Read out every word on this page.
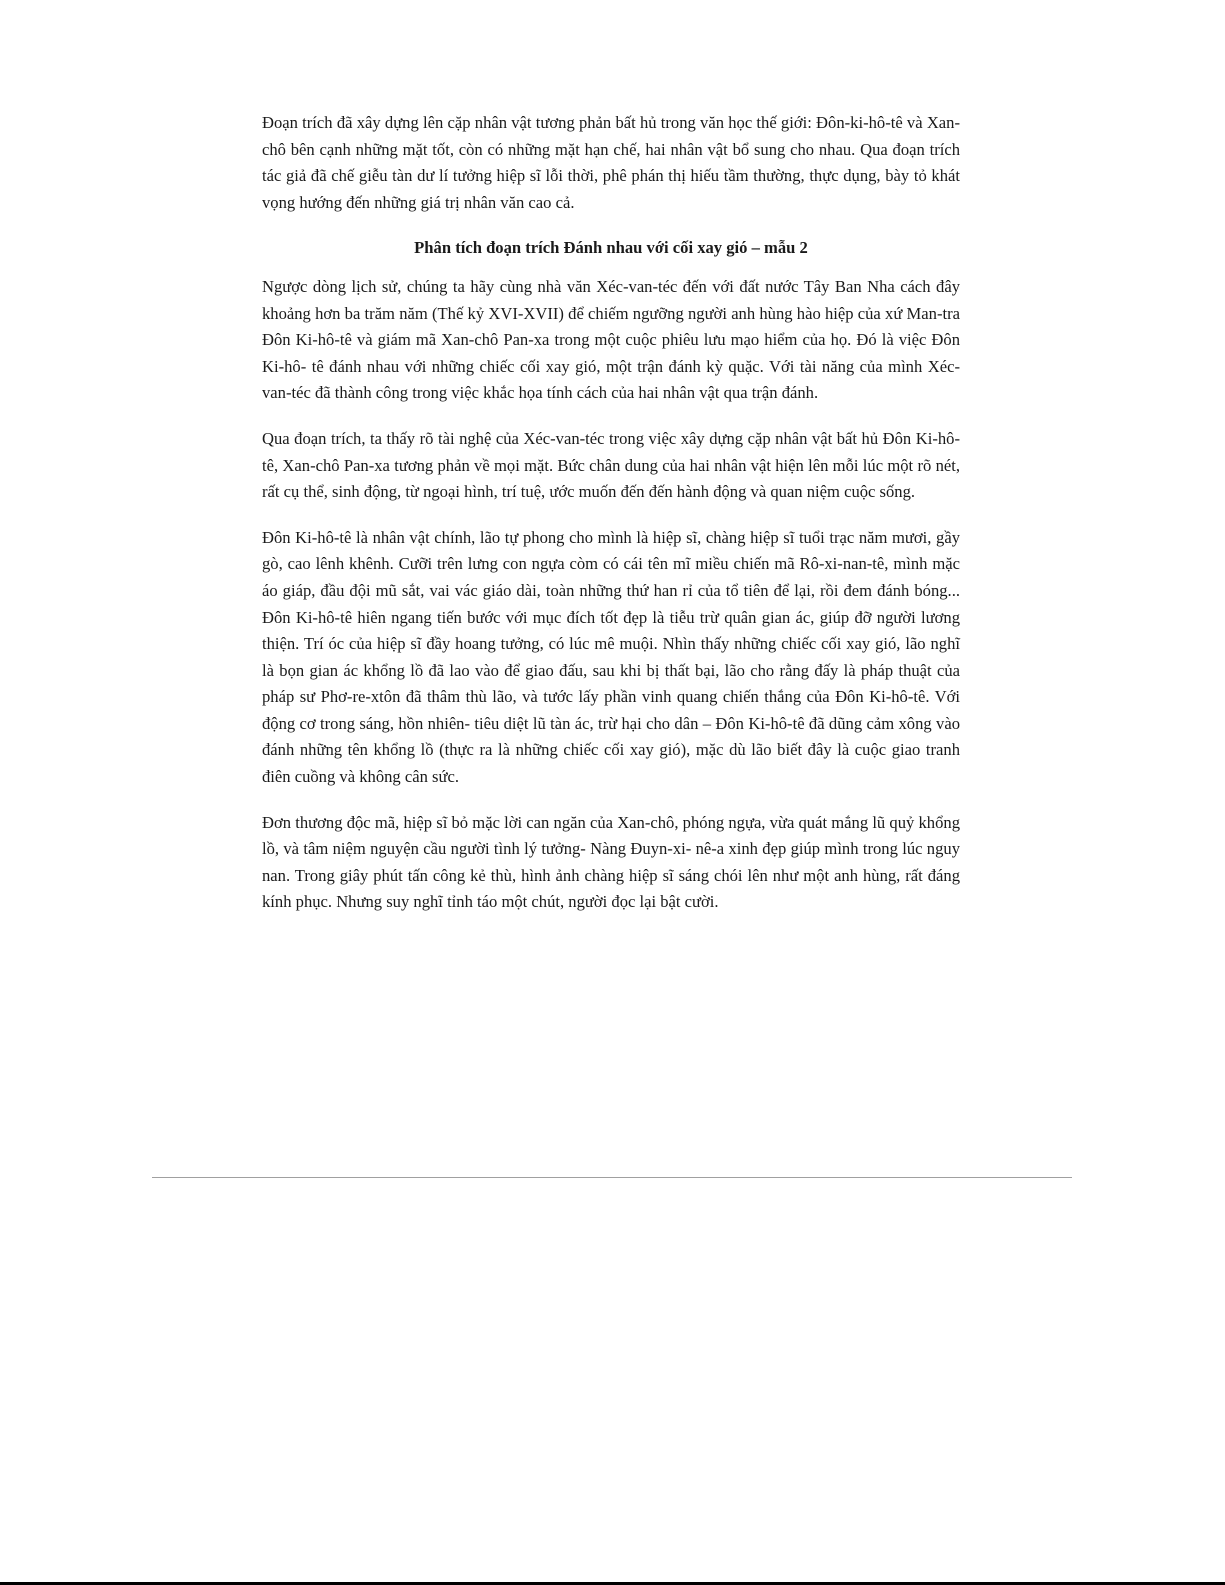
Đoạn trích đã xây dựng lên cặp nhân vật tương phản bất hủ trong văn học thế giới: Đôn-ki-hô-tê và Xan-chô bên cạnh những mặt tốt, còn có những mặt hạn chế, hai nhân vật bổ sung cho nhau. Qua đoạn trích tác giả đã chế giễu tàn dư lí tưởng hiệp sĩ lỗi thời, phê phán thị hiếu tầm thường, thực dụng, bày tỏ khát vọng hướng đến những giá trị nhân văn cao cả.

Phân tích đoạn trích Đánh nhau với cối xay gió – mẫu 2

Ngược dòng lịch sử, chúng ta hãy cùng nhà văn Xéc-van-téc đến với đất nước Tây Ban Nha cách đây khoảng hơn ba trăm năm (Thế kỷ XVI-XVII) để chiếm ngưỡng người anh hùng hào hiệp của xứ Man-tra Đôn Ki-hô-tê và giám mã Xan-chô Pan-xa trong một cuộc phiêu lưu mạo hiểm của họ. Đó là việc Đôn Ki-hô- tê đánh nhau với những chiếc cối xay gió, một trận đánh kỳ quặc. Với tài năng của mình Xéc-van-téc đã thành công trong việc khắc họa tính cách của hai nhân vật qua trận đánh.

Qua đoạn trích, ta thấy rõ tài nghệ của Xéc-van-téc trong việc xây dựng cặp nhân vật bất hủ Đôn Ki-hô-tê, Xan-chô Pan-xa tương phản về mọi mặt. Bức chân dung của hai nhân vật hiện lên mỗi lúc một rõ nét, rất cụ thể, sinh động, từ ngoại hình, trí tuệ, ước muốn đến đến hành động và quan niệm cuộc sống.

Đôn Ki-hô-tê là nhân vật chính, lão tự phong cho mình là hiệp sĩ, chàng hiệp sĩ tuổi trạc năm mươi, gầy gò, cao lênh khênh. Cưỡi trên lưng con ngựa còm có cái tên mĩ miều chiến mã Rô-xi-nan-tê, mình mặc áo giáp, đầu đội mũ sắt, vai vác giáo dài, toàn những thứ han rỉ của tổ tiên để lại, rồi đem đánh bóng... Đôn Ki-hô-tê hiên ngang tiến bước với mục đích tốt đẹp là tiễu trừ quân gian ác, giúp đỡ người lương thiện. Trí óc của hiệp sĩ đầy hoang tưởng, có lúc mê muội. Nhìn thấy những chiếc cối xay gió, lão nghĩ là bọn gian ác khổng lồ đã lao vào để giao đấu, sau khi bị thất bại, lão cho rằng đấy là pháp thuật của pháp sư Phơ-re-xtôn đã thâm thù lão, và tước lấy phần vinh quang chiến thắng của Đôn Ki-hô-tê. Với động cơ trong sáng, hồn nhiên- tiêu diệt lũ tàn ác, trừ hại cho dân – Đôn Ki-hô-tê đã dũng cảm xông vào đánh những tên khổng lồ (thực ra là những chiếc cối xay gió), mặc dù lão biết đây là cuộc giao tranh điên cuồng và không cân sức.

Đơn thương độc mã, hiệp sĩ bỏ mặc lời can ngăn của Xan-chô, phóng ngựa, vừa quát mắng lũ quỷ khổng lồ, và tâm niệm nguyện cầu người tình lý tưởng- Nàng Đuyn-xi- nê-a xinh đẹp giúp mình trong lúc nguy nan. Trong giây phút tấn công kẻ thù, hình ảnh chàng hiệp sĩ sáng chói lên như một anh hùng, rất đáng kính phục. Nhưng suy nghĩ tỉnh táo một chút, người đọc lại bật cười.
